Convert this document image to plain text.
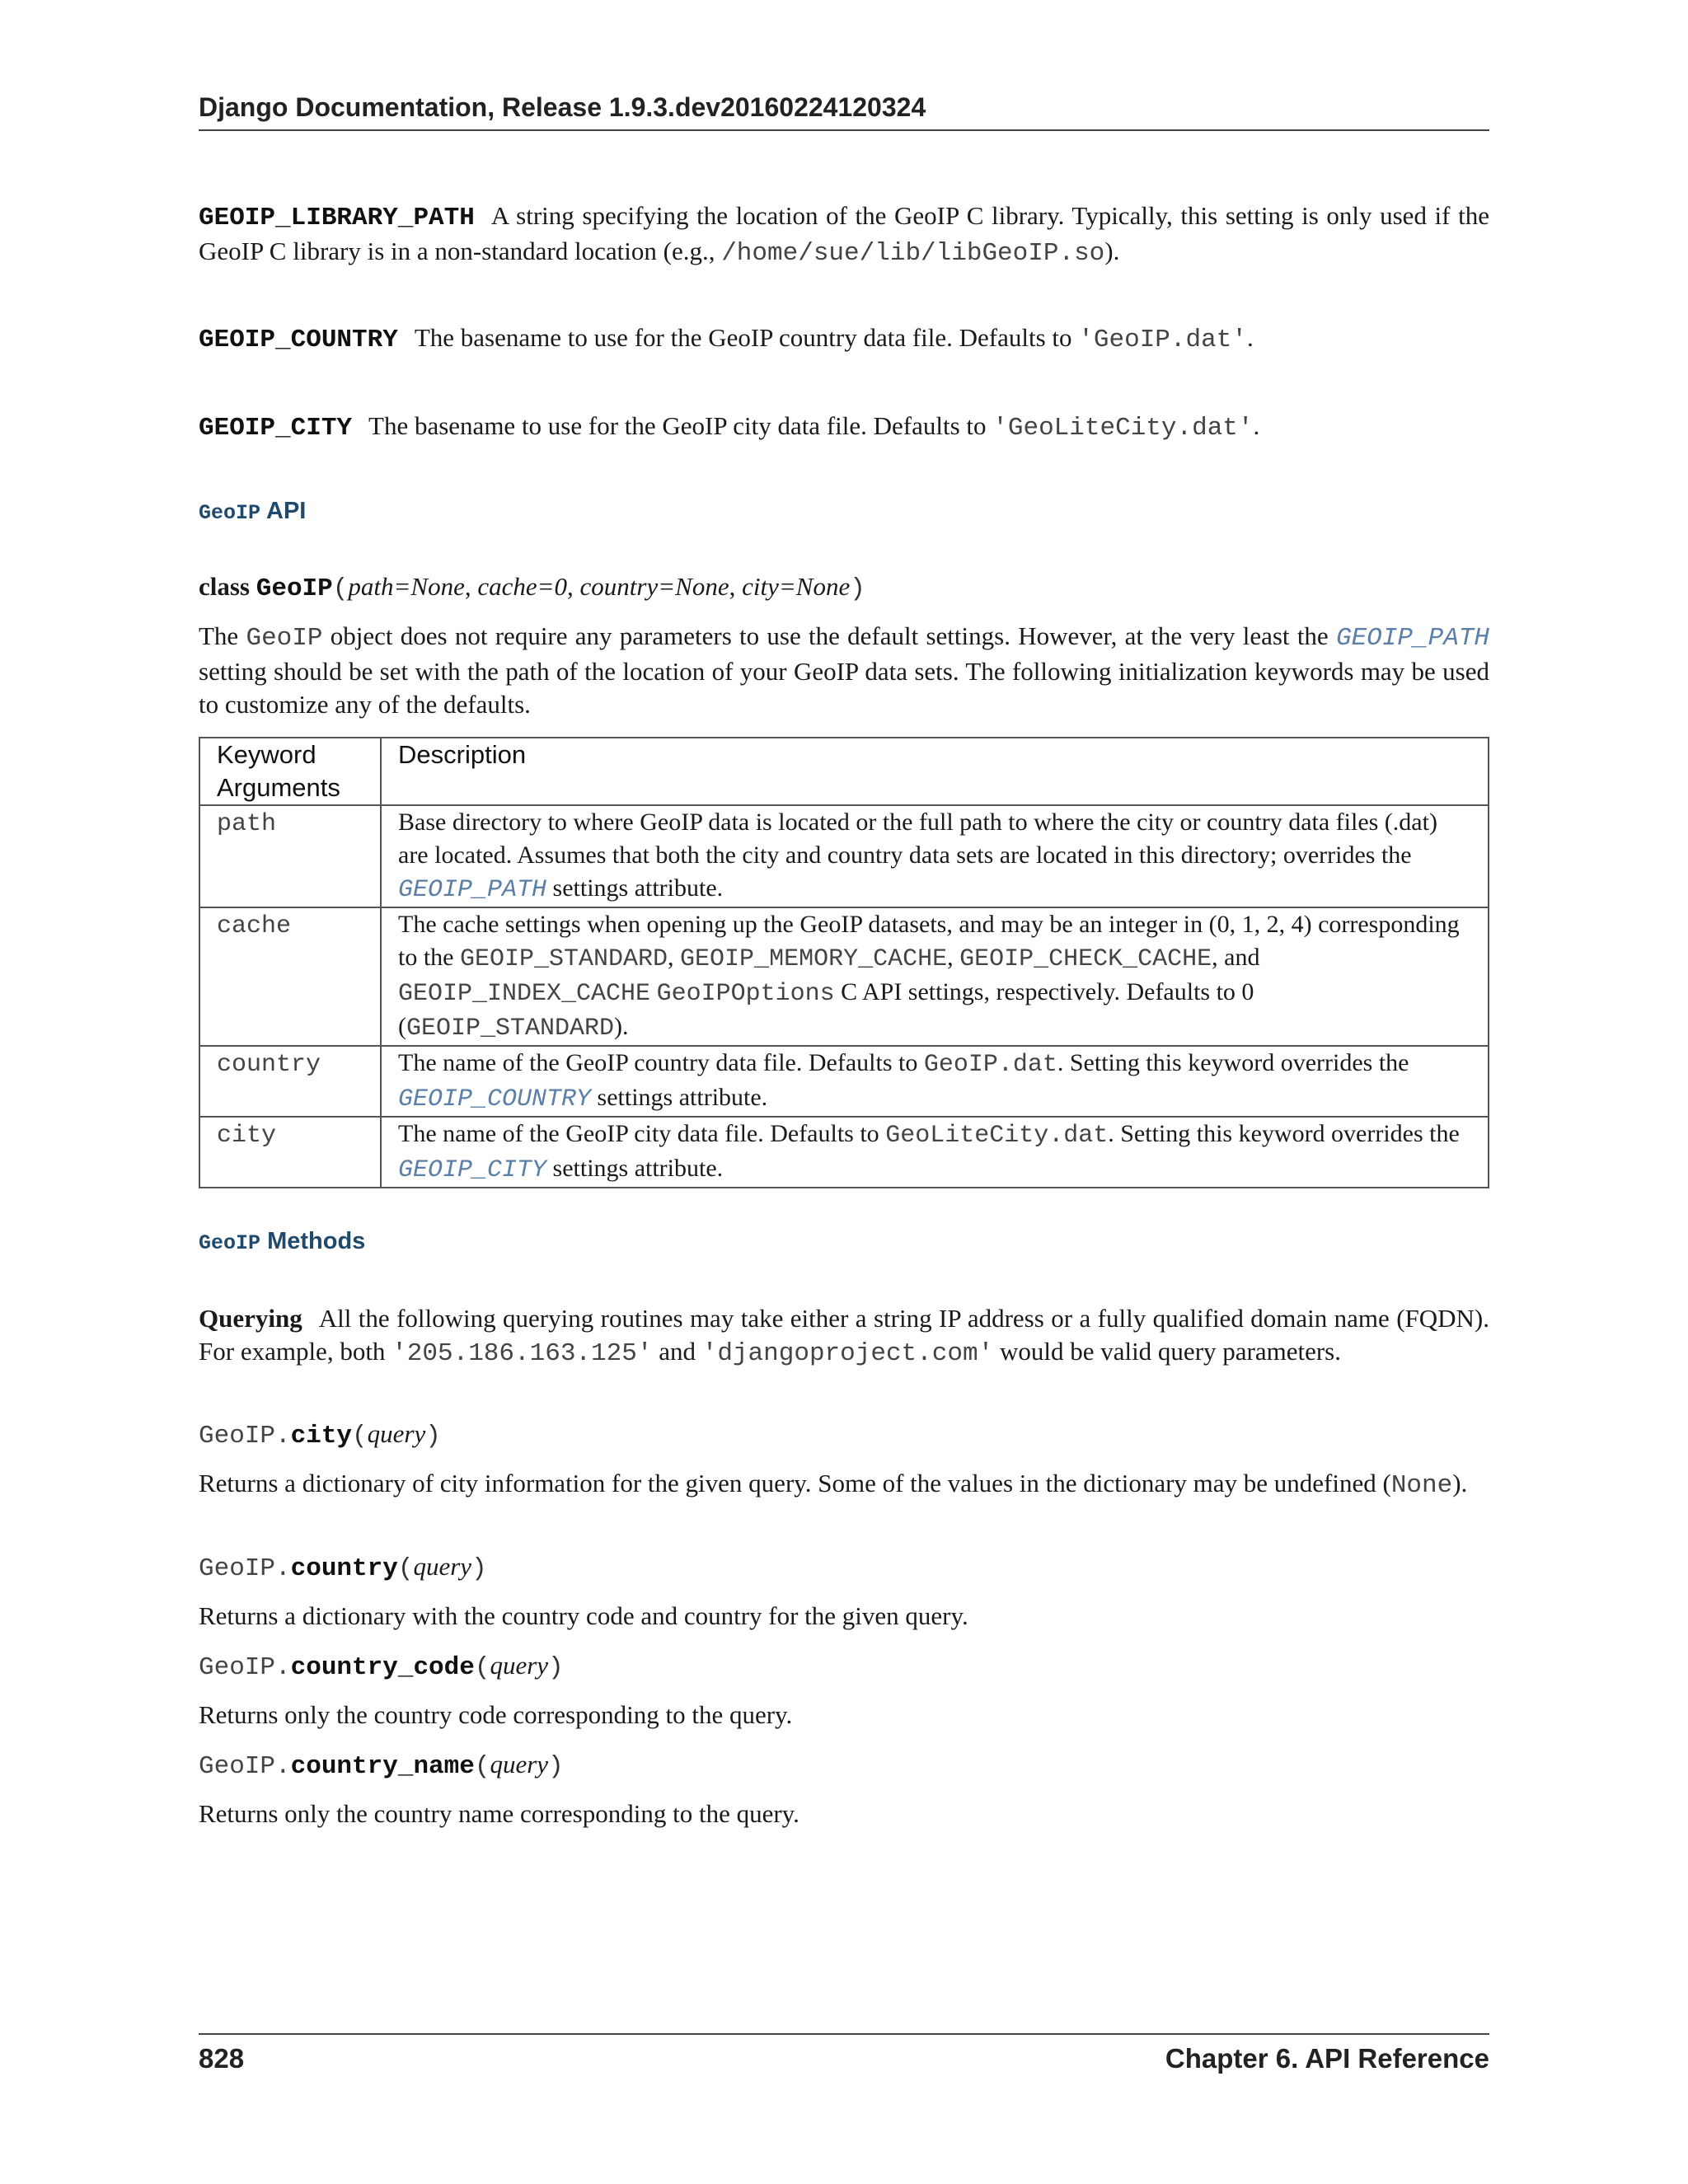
Django Documentation, Release 1.9.3.dev20160224120324
GEOIP_LIBRARY_PATH A string specifying the location of the GeoIP C library. Typically, this setting is only used if the GeoIP C library is in a non-standard location (e.g., /home/sue/lib/libGeoIP.so).
GEOIP_COUNTRY The basename to use for the GeoIP country data file. Defaults to 'GeoIP.dat'.
GEOIP_CITY The basename to use for the GeoIP city data file. Defaults to 'GeoLiteCity.dat'.
GeoIP API
class GeoIP(path=None, cache=0, country=None, city=None)
The GeoIP object does not require any parameters to use the default settings. However, at the very least the GEOIP_PATH setting should be set with the path of the location of your GeoIP data sets. The following initialization keywords may be used to customize any of the defaults.
Keyword Arguments	Description
path	Base directory to where GeoIP data is located or the full path to where the city or country data files (.dat) are located. Assumes that both the city and country data sets are located in this directory; overrides the GEOIP_PATH settings attribute.
cache	The cache settings when opening up the GeoIP datasets, and may be an integer in (0, 1, 2, 4) corresponding to the GEOIP_STANDARD, GEOIP_MEMORY_CACHE, GEOIP_CHECK_CACHE, and GEOIP_INDEX_CACHE GeoIPOptions C API settings, respectively. Defaults to 0 (GEOIP_STANDARD).
country	The name of the GeoIP country data file. Defaults to GeoIP.dat. Setting this keyword overrides the GEOIP_COUNTRY settings attribute.
city	The name of the GeoIP city data file. Defaults to GeoLiteCity.dat. Setting this keyword overrides the GEOIP_CITY settings attribute.
GeoIP Methods
Querying All the following querying routines may take either a string IP address or a fully qualified domain name (FQDN). For example, both '205.186.163.125' and 'djangoproject.com' would be valid query parameters.
GeoIP.city(query)
Returns a dictionary of city information for the given query. Some of the values in the dictionary may be undefined (None).
GeoIP.country(query)
Returns a dictionary with the country code and country for the given query.
GeoIP.country_code(query)
Returns only the country code corresponding to the query.
GeoIP.country_name(query)
Returns only the country name corresponding to the query.
828	Chapter 6. API Reference
